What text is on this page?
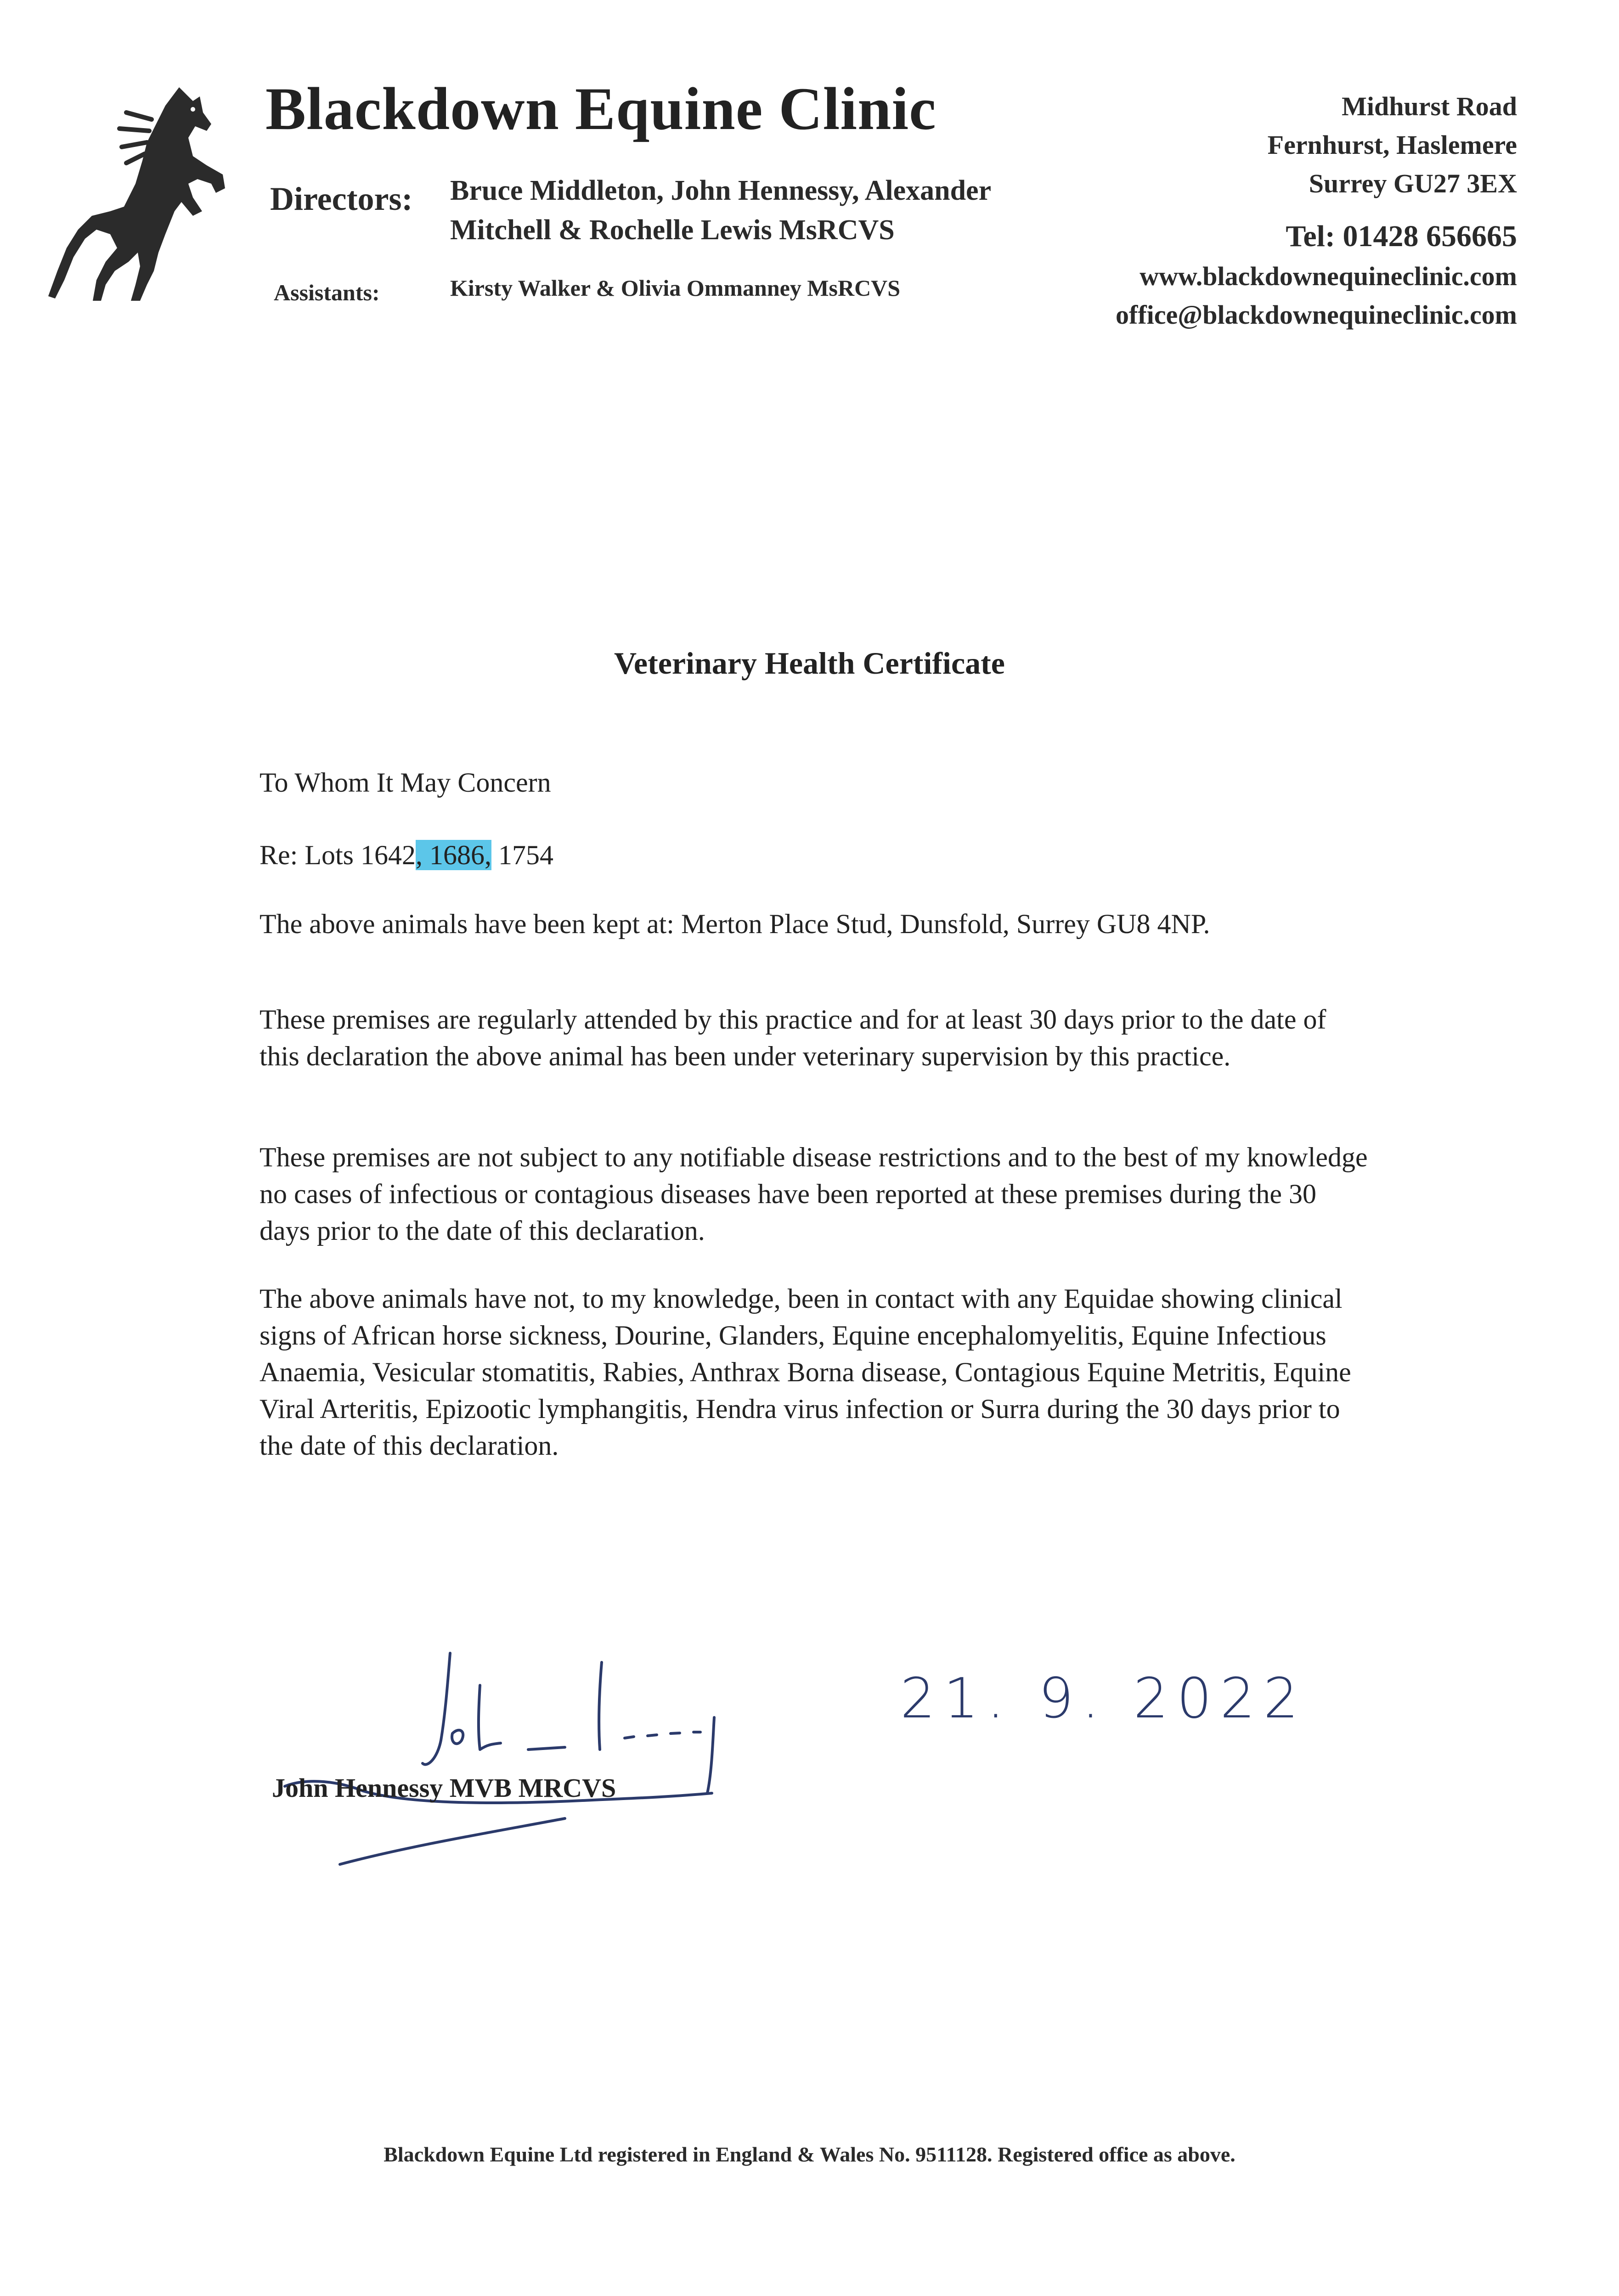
Blackdown Equine Clinic
Directors: Bruce Middleton, John Hennessy, Alexander
Mitchell & Rochelle Lewis MsRCVS
Assistants:	Kirsty Walker & Olivia Ommanney MsRCVS
Midhurst Road
Fernhurst, Haslemere
Surrey GU27 3EX
Tel: 01428 656665
www.blackdownequineclinic.com
office@blackdownequineclinic.com
Veterinary Health Certificate
To Whom It May Concern
Re: Lots 1642, 1686, 1754
The above animals have been kept at: Merton Place Stud, Dunsfold, Surrey GU8 4NP.
These premises are regularly attended by this practice and for at least 30 days prior to the date of this declaration the above animal has been under veterinary supervision by this practice.
These premises are not subject to any notifiable disease restrictions and to the best of my knowledge no cases of infectious or contagious diseases have been reported at these premises during the 30 days prior to the date of this declaration.
The above animals have not, to my knowledge, been in contact with any Equidae showing clinical signs of African horse sickness, Dourine, Glanders, Equine encephalomyelitis, Equine Infectious Anaemia, Vesicular stomatitis, Rabies, Anthrax Borna disease, Contagious Equine Metritis, Equine Viral Arteritis, Epizootic lymphangitis, Hendra virus infection or Surra during the 30 days prior to the date of this declaration.
21. 9. 2022
John Hennessy MVB MRCVS
Blackdown Equine Ltd registered in England & Wales No. 9511128. Registered office as above.
